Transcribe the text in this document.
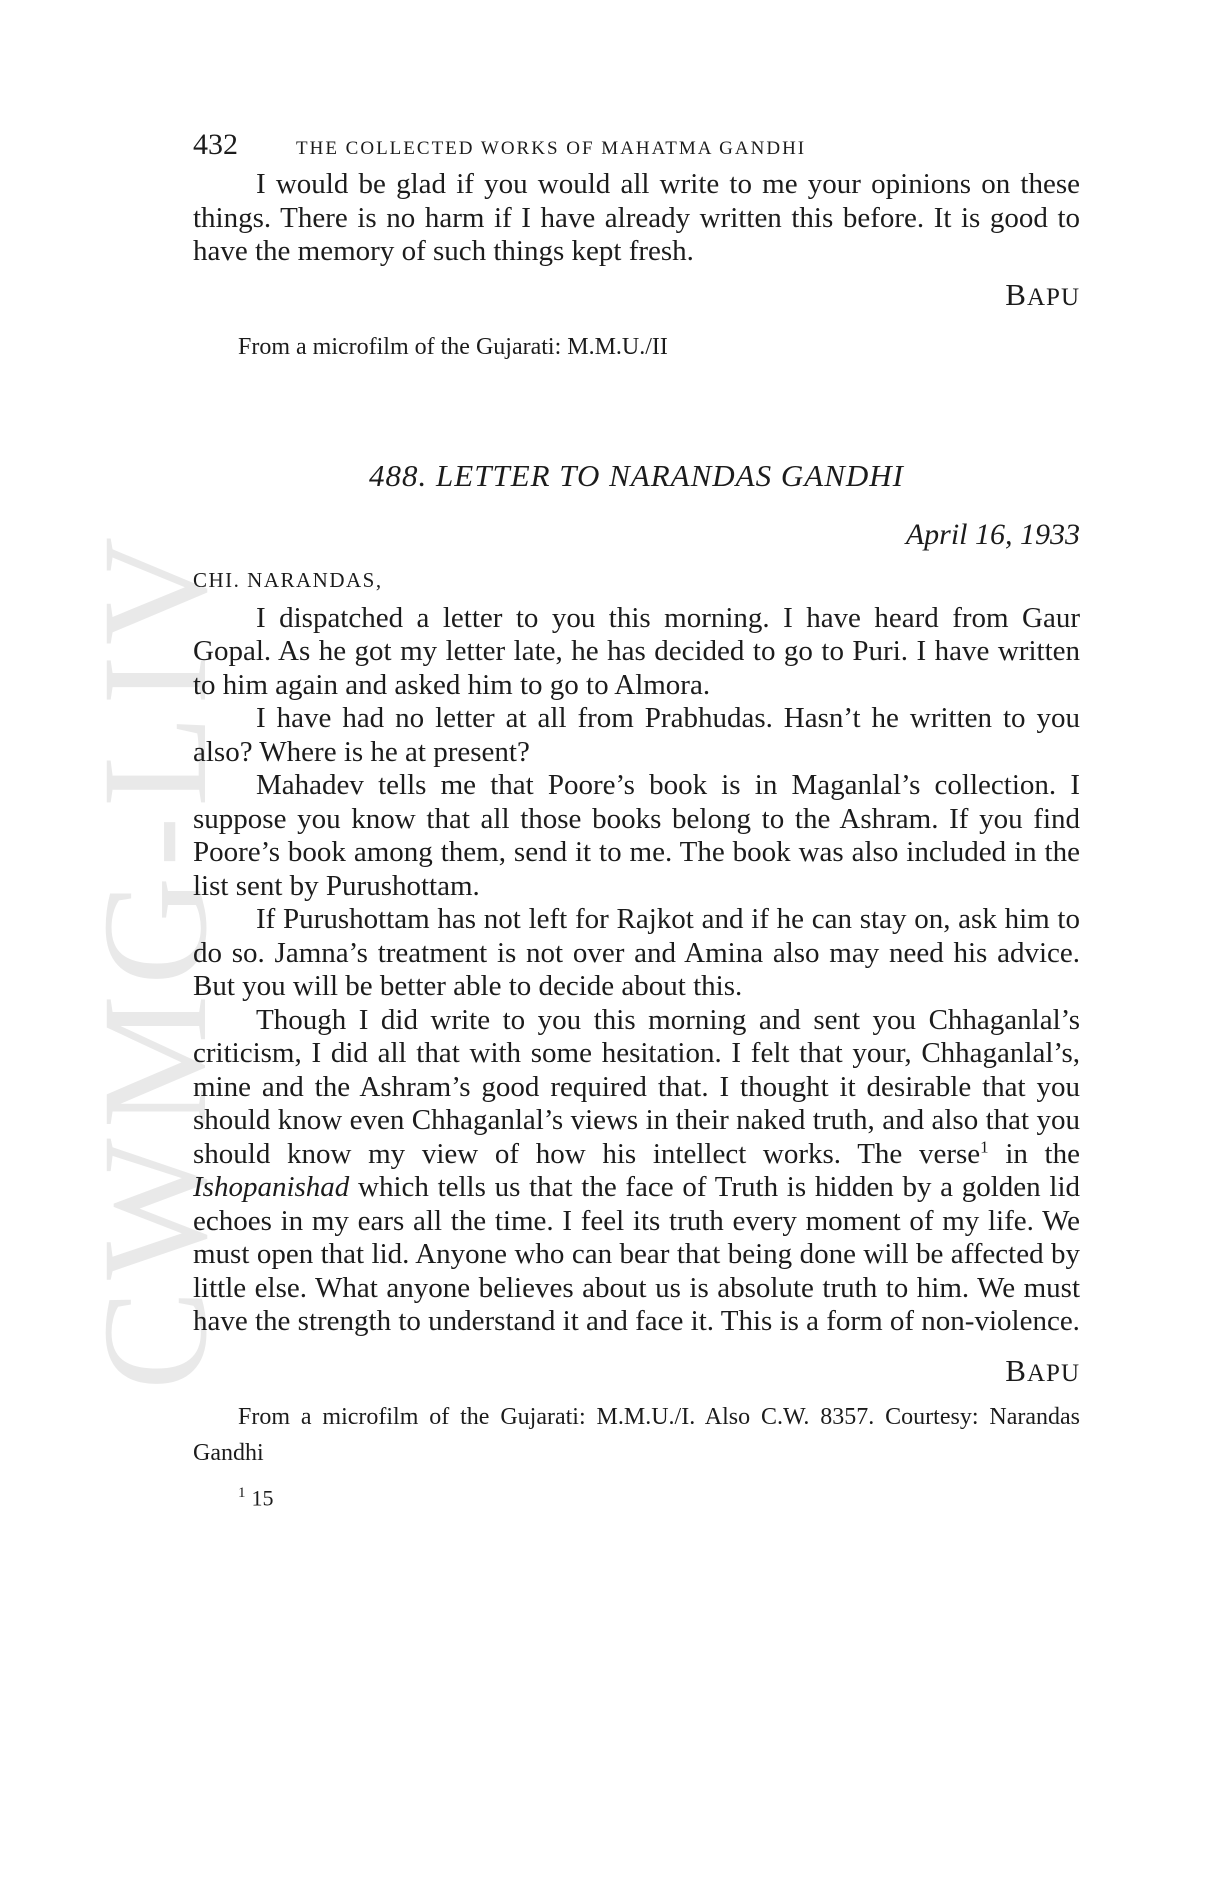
CWMG-LIV
432	THE COLLECTED WORKS OF MAHATMA GANDHI

I would be glad if you would all write to me your opinions on these things. There is no harm if I have already written this before. It is good to have the memory of such things kept fresh.

BAPU

From a microfilm of the Gujarati: M.M.U./II

488. LETTER TO NARANDAS GANDHI
April 16, 1933
CHI. NARANDAS,

I dispatched a letter to you this morning. I have heard from Gaur Gopal. As he got my letter late, he has decided to go to Puri. I have written to him again and asked him to go to Almora.

I have had no letter at all from Prabhudas. Hasn’t he written to you also? Where is he at present?

Mahadev tells me that Poore’s book is in Maganlal’s collection. I suppose you know that all those books belong to the Ashram. If you find Poore’s book among them, send it to me. The book was also included in the list sent by Purushottam.

If Purushottam has not left for Rajkot and if he can stay on, ask him to do so. Jamna’s treatment is not over and Amina also may need his advice. But you will be better able to decide about this.

Though I did write to you this morning and sent you Chhaganlal’s criticism, I did all that with some hesitation. I felt that your, Chhaganlal’s, mine and the Ashram’s good required that. I thought it desirable that you should know even Chhaganlal’s views in their naked truth, and also that you should know my view of how his intellect works. The verse$^1$ in the Ishopanishad which tells us that the face of Truth is hidden by a golden lid echoes in my ears all the time. I feel its truth every moment of my life. We must open that lid. Anyone who can bear that being done will be affected by little else. What anyone believes about us is absolute truth to him. We must have the strength to understand it and face it. This is a form of non-violence.

BAPU

From a microfilm of the Gujarati: M.M.U./I. Also C.W. 8357. Courtesy: Narandas Gandhi

$^1$ 15
